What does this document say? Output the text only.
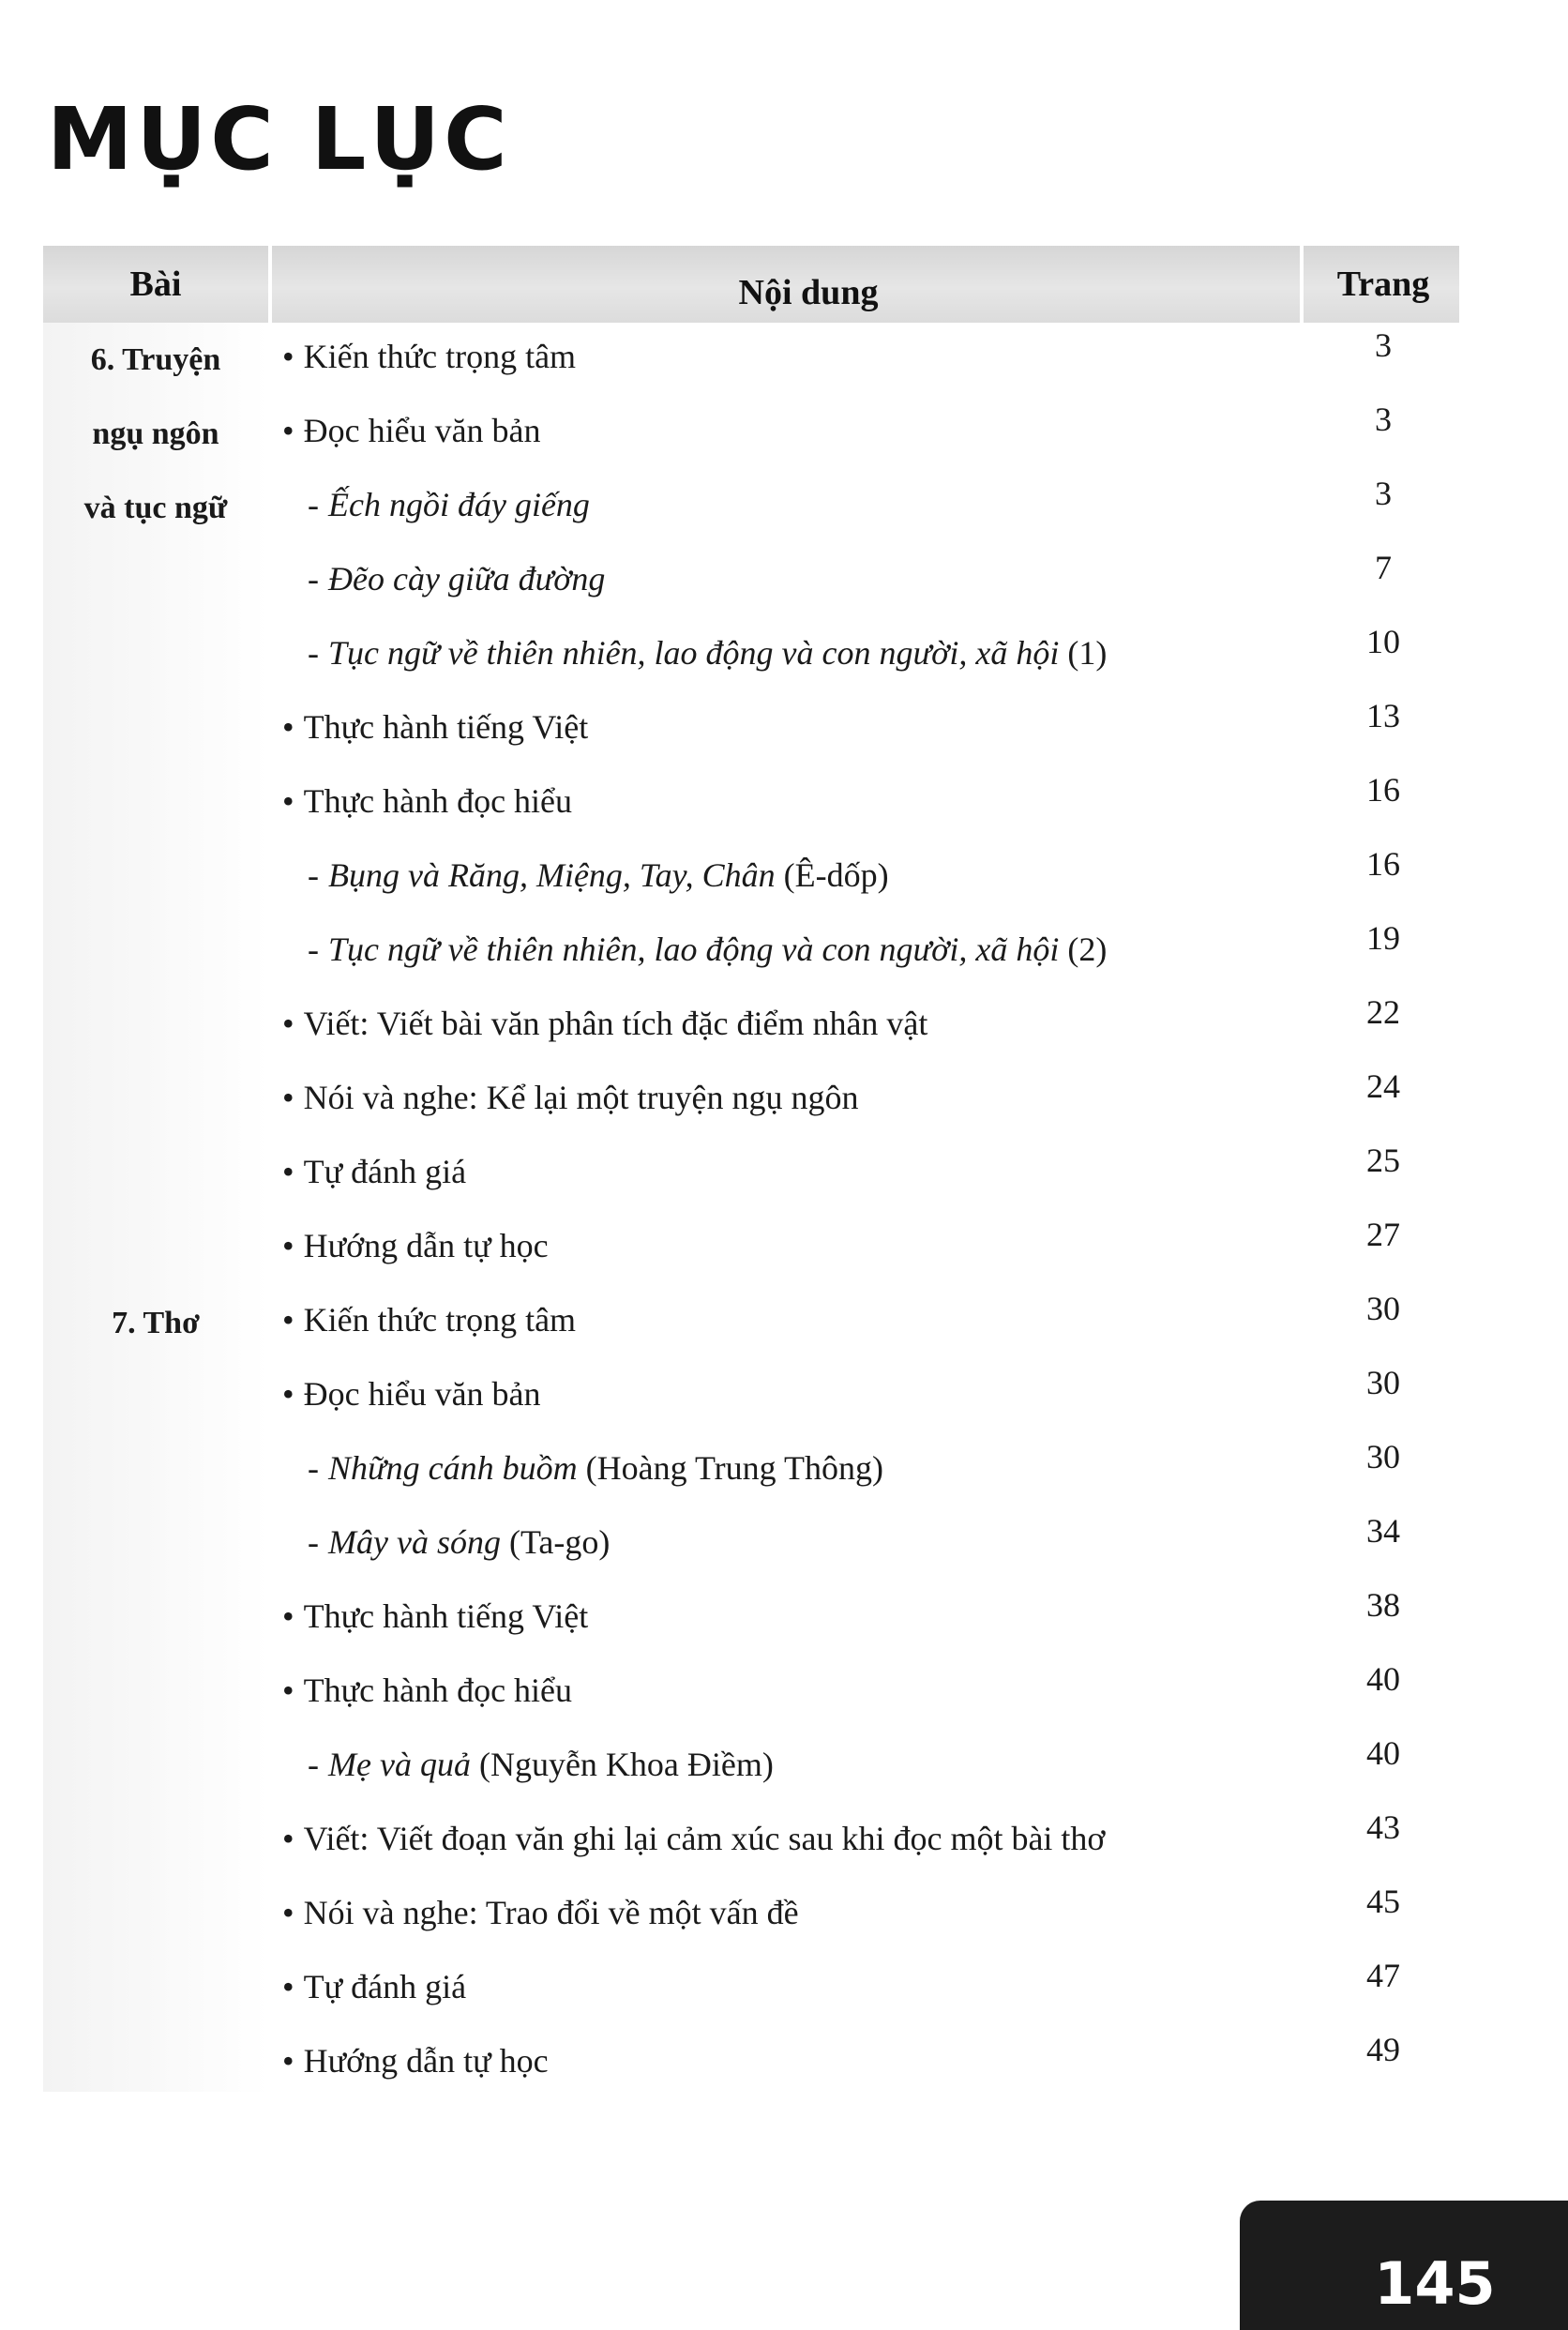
MỤC LỤC
Bài	Nội dung	Trang
6. Truyện
ngụ ngôn
và tục ngữ
• Kiến thức trọng tâm	3
• Đọc hiểu văn bản	3
- Ếch ngồi đáy giếng	3
- Đẽo cày giữa đường	7
- Tục ngữ về thiên nhiên, lao động và con người, xã hội (1)	10
• Thực hành tiếng Việt	13
• Thực hành đọc hiểu	16
- Bụng và Răng, Miệng, Tay, Chân (Ê-dốp)	16
- Tục ngữ về thiên nhiên, lao động và con người, xã hội (2)	19
• Viết: Viết bài văn phân tích đặc điểm nhân vật	22
• Nói và nghe: Kể lại một truyện ngụ ngôn	24
• Tự đánh giá	25
• Hướng dẫn tự học	27
7. Thơ	• Kiến thức trọng tâm	30
• Đọc hiểu văn bản	30
- Những cánh buồm (Hoàng Trung Thông)	30
- Mây và sóng (Ta-go)	34
• Thực hành tiếng Việt	38
• Thực hành đọc hiểu	40
- Mẹ và quả (Nguyễn Khoa Điềm)	40
• Viết: Viết đoạn văn ghi lại cảm xúc sau khi đọc một bài thơ	43
• Nói và nghe: Trao đổi về một vấn đề	45
• Tự đánh giá	47
• Hướng dẫn tự học	49
145
